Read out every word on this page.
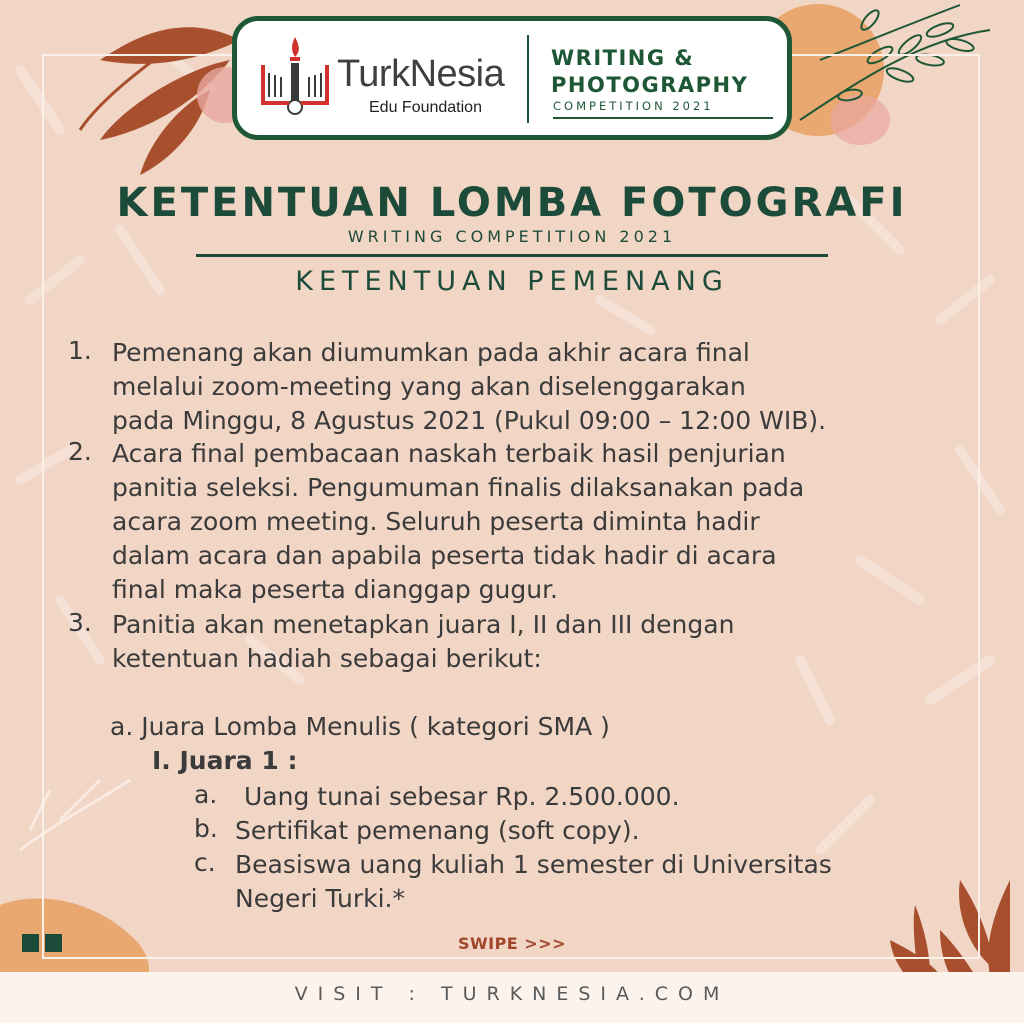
TurkNesia
Edu Foundation
WRITING &
PHOTOGRAPHY
COMPETITION 2021
KETENTUAN LOMBA FOTOGRAFI
WRITING COMPETITION 2021
KETENTUAN PEMENANG
1. Pemenang akan diumumkan pada akhir acara final
melalui zoom-meeting yang akan diselenggarakan
pada Minggu, 8 Agustus 2021 (Pukul 09:00 – 12:00 WIB).
2. Acara final pembacaan naskah terbaik hasil penjurian
panitia seleksi. Pengumuman finalis dilaksanakan pada
acara zoom meeting. Seluruh peserta diminta hadir
dalam acara dan apabila peserta tidak hadir di acara
final maka peserta dianggap gugur.
3. Panitia akan menetapkan juara I, II dan III dengan
ketentuan hadiah sebagai berikut:
a. Juara Lomba Menulis ( kategori SMA )
I. Juara 1 :
a. Uang tunai sebesar Rp. 2.500.000.
b. Sertifikat pemenang (soft copy).
c. Beasiswa uang kuliah 1 semester di Universitas
Negeri Turki.*
SWIPE >>>
VISIT : TURKNESIA.COM
